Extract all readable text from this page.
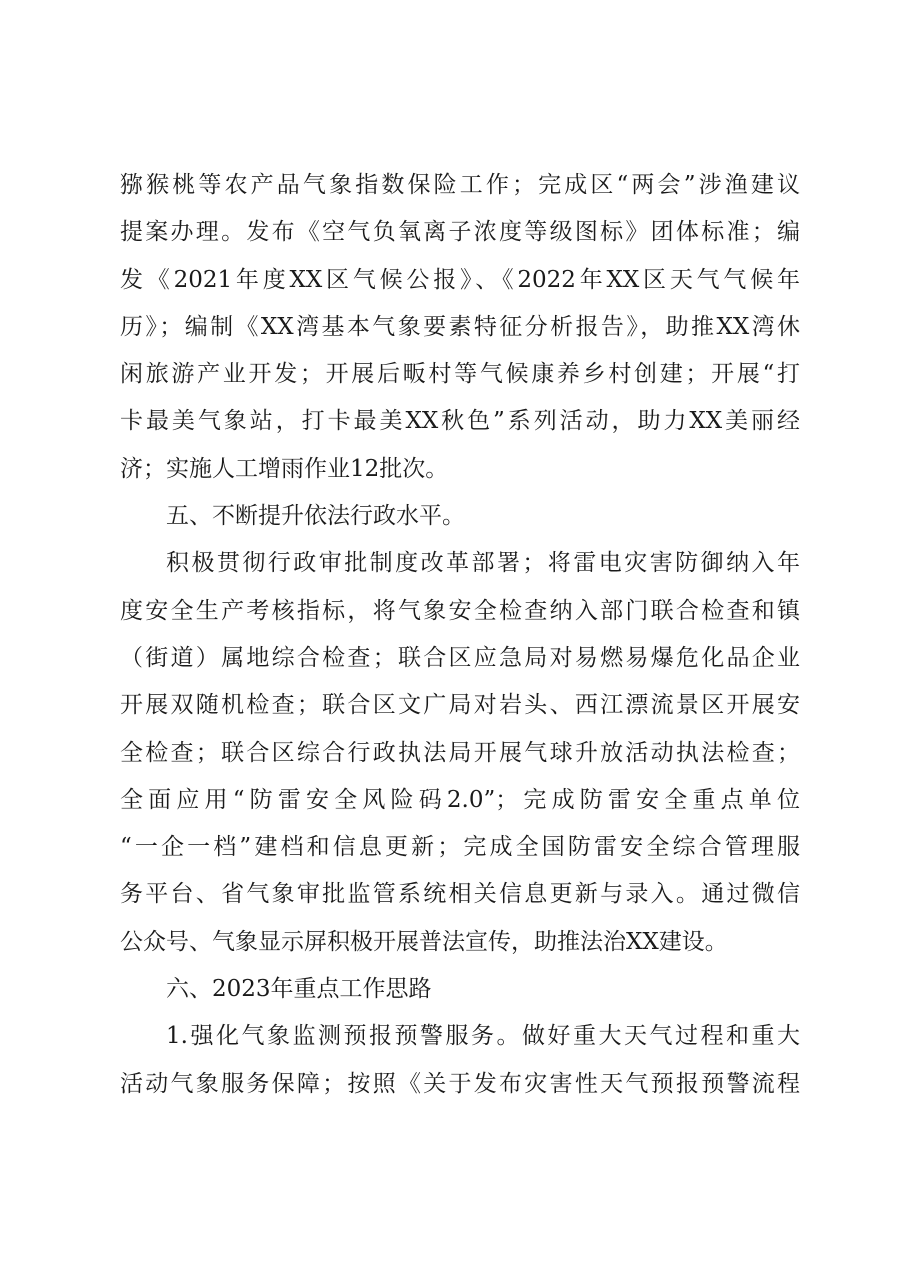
猕猴桃等农产品气象指数保险工作；完成区“两会”涉渔建议
提案办理。发布《空气负氧离子浓度等级图标》团体标准；编
发《2021年度XX区气候公报》、《2022年XX区天气气候年
历》；编制《XX湾基本气象要素特征分析报告》，助推XX湾休
闲旅游产业开发；开展后畈村等气候康养乡村创建；开展“打
卡最美气象站，打卡最美XX秋色”系列活动，助力XX美丽经
济；实施人工增雨作业12批次。
五、不断提升依法行政水平。
积极贯彻行政审批制度改革部署；将雷电灾害防御纳入年
度安全生产考核指标，将气象安全检查纳入部门联合检查和镇
（街道）属地综合检查；联合区应急局对易燃易爆危化品企业
开展双随机检查；联合区文广局对岩头、西江漂流景区开展安
全检查；联合区综合行政执法局开展气球升放活动执法检查；
全面应用“防雷安全风险码2.0”；完成防雷安全重点单位
“一企一档”建档和信息更新；完成全国防雷安全综合管理服
务平台、省气象审批监管系统相关信息更新与录入。通过微信
公众号、气象显示屏积极开展普法宣传，助推法治XX建设。
六、2023年重点工作思路
1.强化气象监测预报预警服务。做好重大天气过程和重大
活动气象服务保障；按照《关于发布灾害性天气预报预警流程
